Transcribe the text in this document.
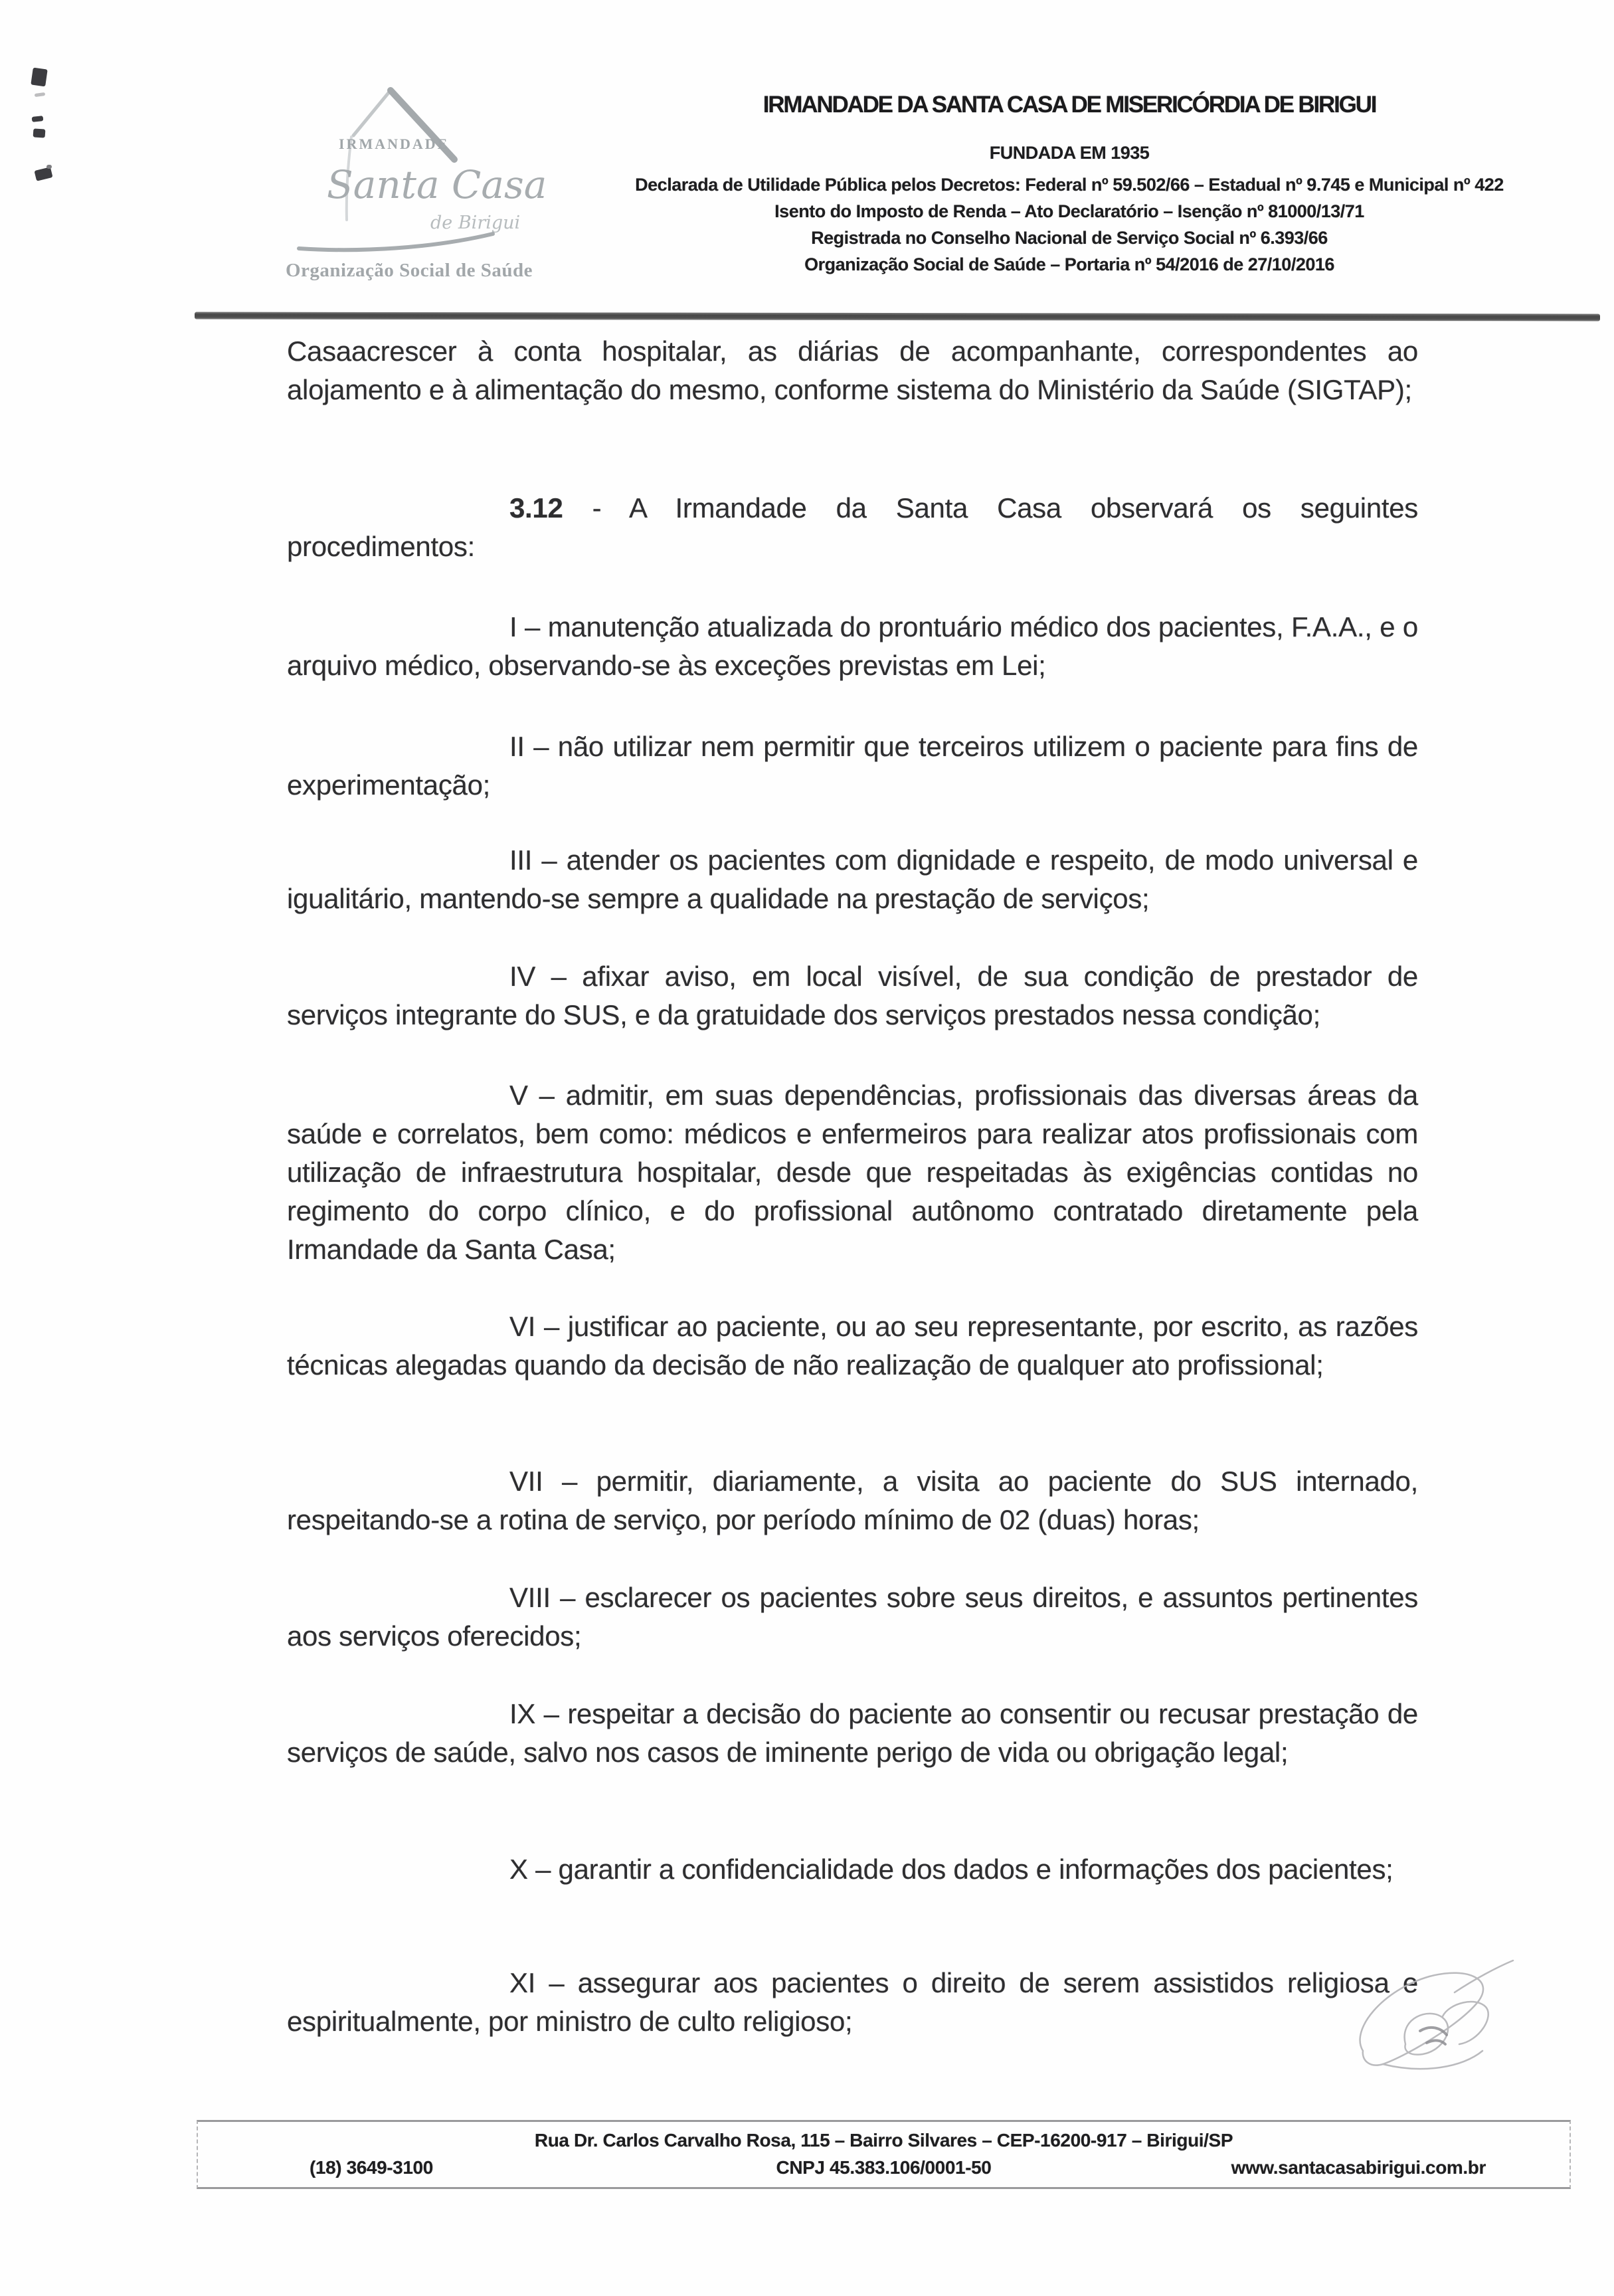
IRMANDADE
Santa Casa
de Birigui
Organização Social de Saúde
IRMANDADE DA SANTA CASA DE MISERICÓRDIA DE BIRIGUI
FUNDADA EM 1935
Declarada de Utilidade Pública pelos Decretos: Federal nº 59.502/66 – Estadual nº 9.745 e Municipal nº 422
Isento do Imposto de Renda – Ato Declaratório – Isenção nº 81000/13/71
Registrada no Conselho Nacional de Serviço Social nº 6.393/66
Organização Social de Saúde – Portaria nº 54/2016 de 27/10/2016

Casaacrescer à conta hospitalar, as diárias de acompanhante, correspondentes ao alojamento e à alimentação do mesmo, conforme sistema do Ministério da Saúde (SIGTAP);

3.12 - A Irmandade da Santa Casa observará os seguintes procedimentos:

I – manutenção atualizada do prontuário médico dos pacientes, F.A.A., e o arquivo médico, observando-se às exceções previstas em Lei;

II – não utilizar nem permitir que terceiros utilizem o paciente para fins de experimentação;

III – atender os pacientes com dignidade e respeito, de modo universal e igualitário, mantendo-se sempre a qualidade na prestação de serviços;

IV – afixar aviso, em local visível, de sua condição de prestador de serviços integrante do SUS, e da gratuidade dos serviços prestados nessa condição;

V – admitir, em suas dependências, profissionais das diversas áreas da saúde e correlatos, bem como: médicos e enfermeiros para realizar atos profissionais com utilização de infraestrutura hospitalar, desde que respeitadas às exigências contidas no regimento do corpo clínico, e do profissional autônomo contratado diretamente pela Irmandade da Santa Casa;

VI – justificar ao paciente, ou ao seu representante, por escrito, as razões técnicas alegadas quando da decisão de não realização de qualquer ato profissional;

VII – permitir, diariamente, a visita ao paciente do SUS internado, respeitando-se a rotina de serviço, por período mínimo de 02 (duas) horas;

VIII – esclarecer os pacientes sobre seus direitos, e assuntos pertinentes aos serviços oferecidos;

IX – respeitar a decisão do paciente ao consentir ou recusar prestação de serviços de saúde, salvo nos casos de iminente perigo de vida ou obrigação legal;

X – garantir a confidencialidade dos dados e informações dos pacientes;

XI – assegurar aos pacientes o direito de serem assistidos religiosa e espiritualmente, por ministro de culto religioso;

Rua Dr. Carlos Carvalho Rosa, 115 – Bairro Silvares – CEP-16200-917 – Birigui/SP
(18) 3649-3100	CNPJ 45.383.106/0001-50	www.santacasabirigui.com.br
